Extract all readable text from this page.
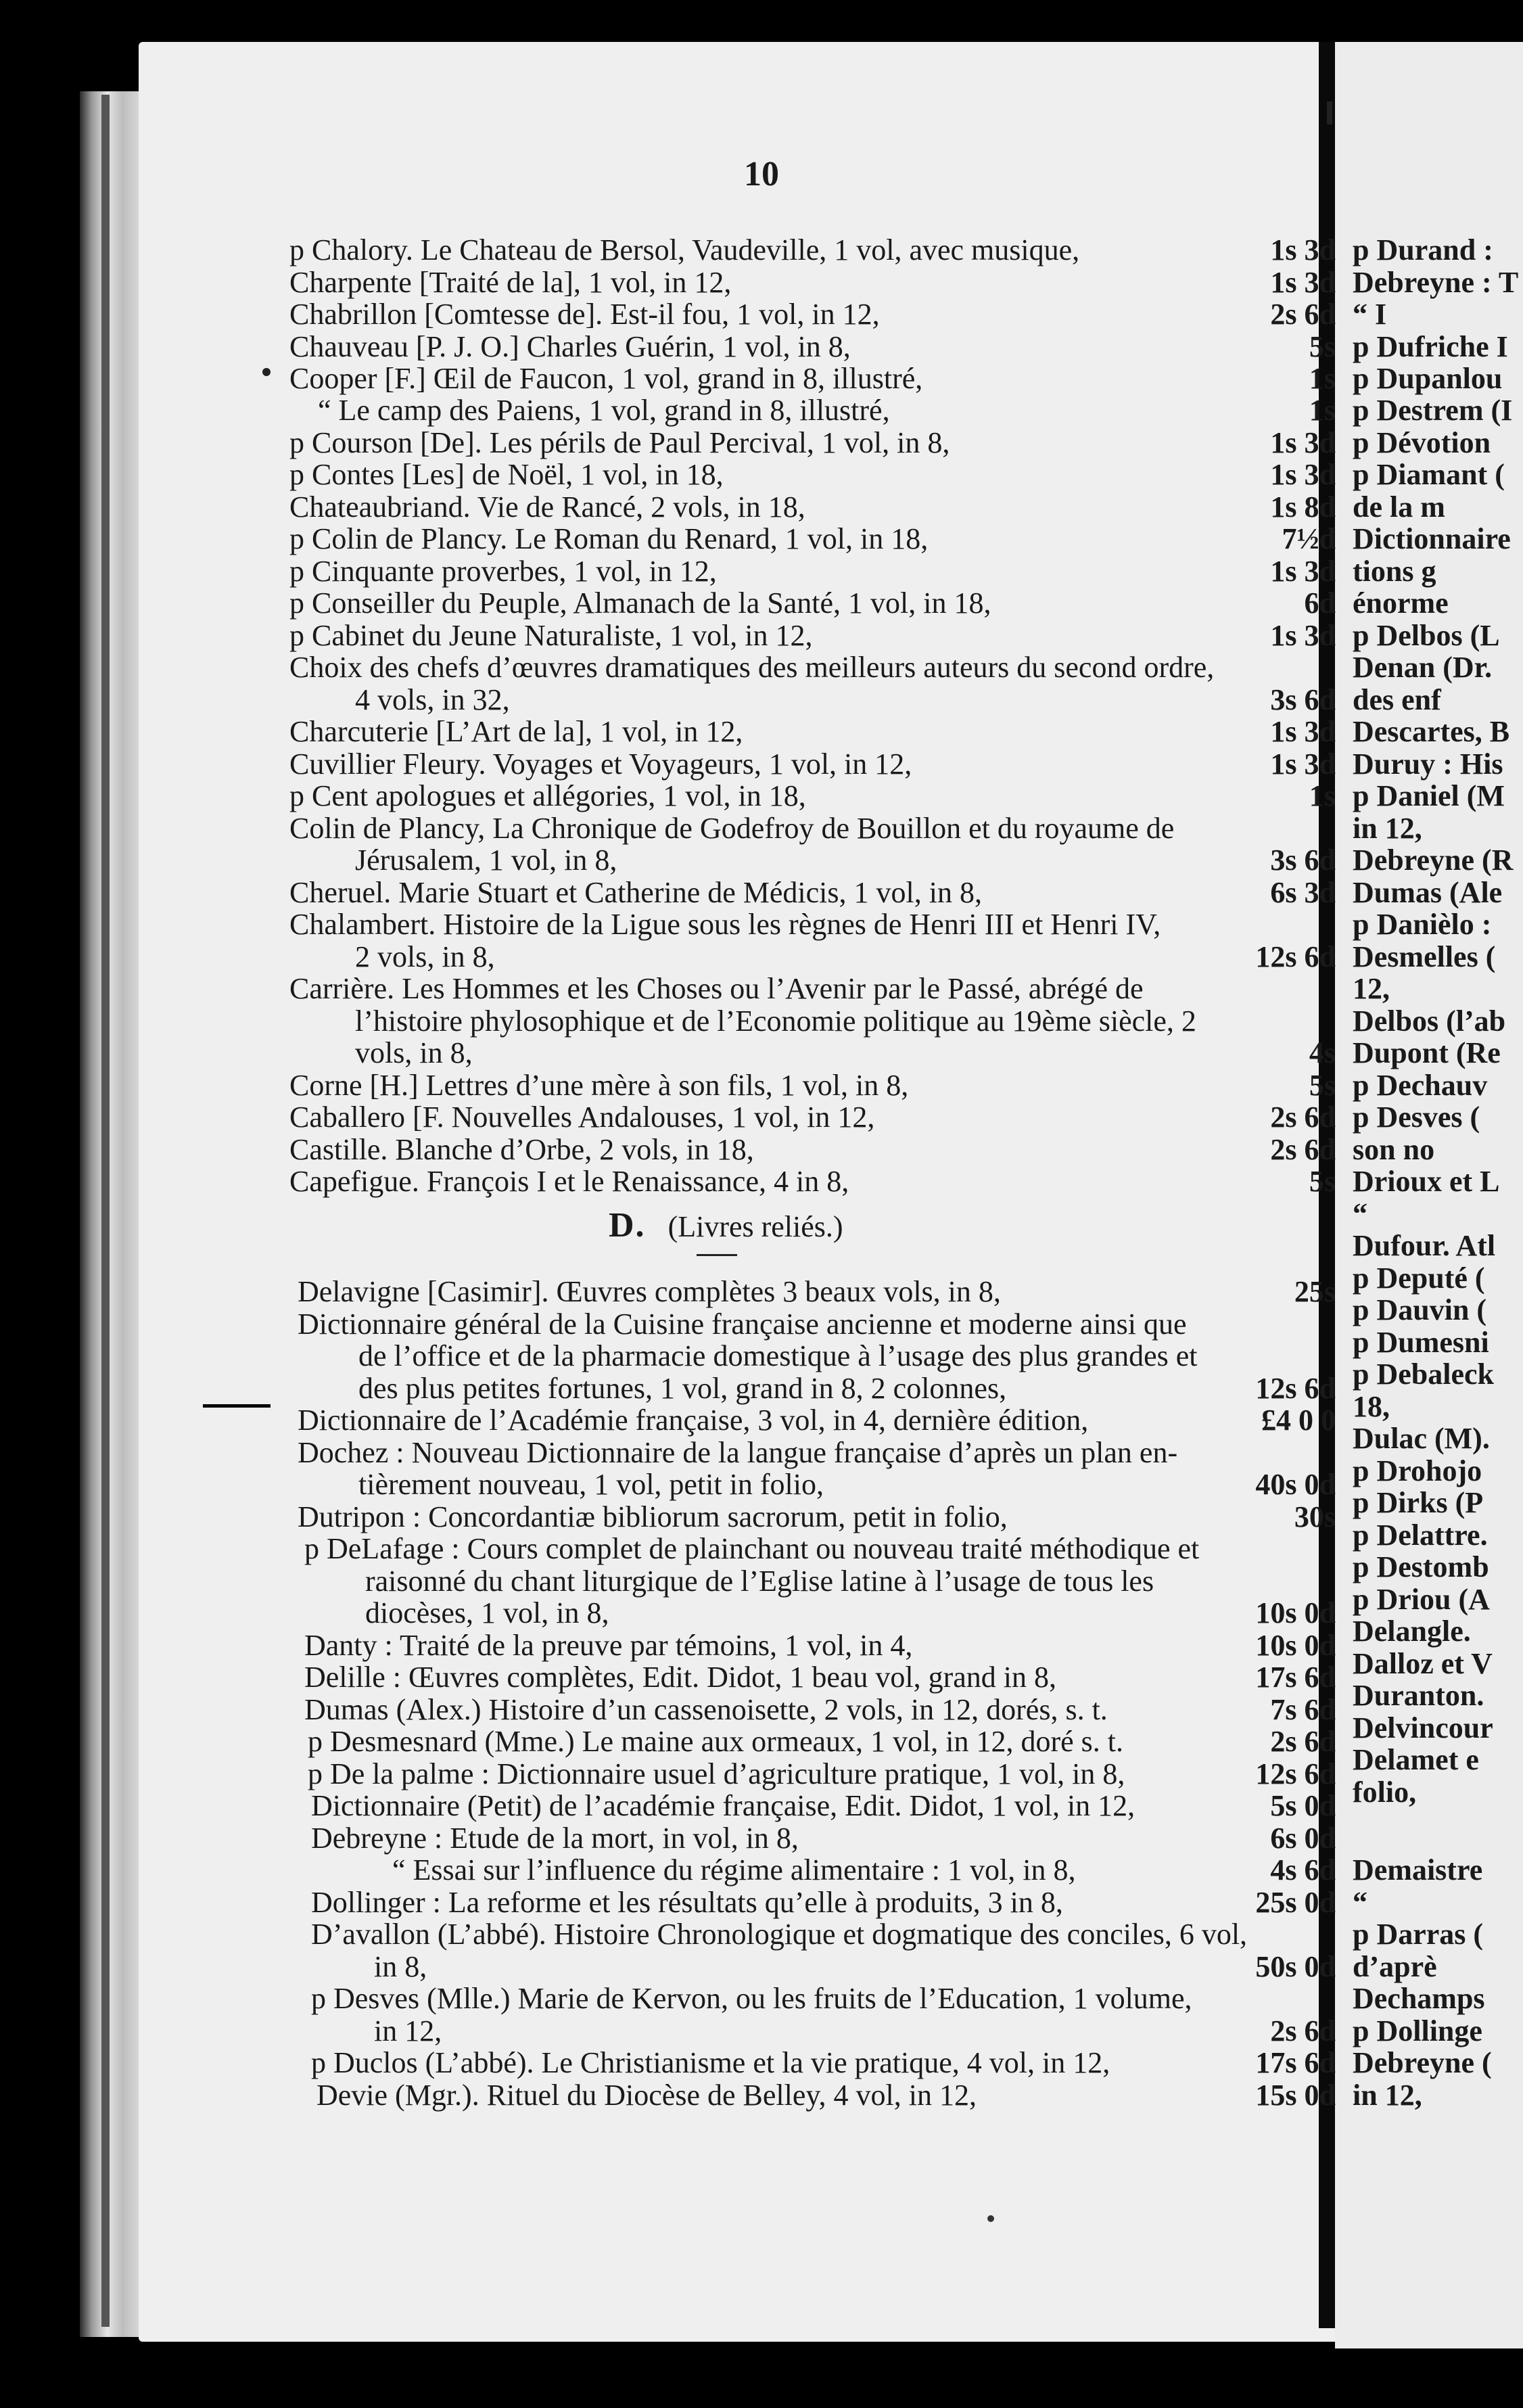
10
D. (Livres reliés.)
p Chalory. Le Chateau de Bersol, Vaudeville, 1 vol, avec musique,	1s 3d
Charpente [Traité de la], 1 vol, in 12,	1s 3d
Chabrillon [Comtesse de]. Est-il fou, 1 vol, in 12,	2s 6d
Chauveau [P. J. O.] Charles Guérin, 1 vol, in 8,	5s
Cooper [F.] Œil de Faucon, 1 vol, grand in 8, illustré,	1s
“ Le camp des Paiens, 1 vol, grand in 8, illustré,	1s
p Courson [De]. Les périls de Paul Percival, 1 vol, in 8,	1s 3d
p Contes [Les] de Noël, 1 vol, in 18,	1s 3d
Chateaubriand. Vie de Rancé, 2 vols, in 18,	1s 8d
p Colin de Plancy. Le Roman du Renard, 1 vol, in 18,	7½d
p Cinquante proverbes, 1 vol, in 12,	1s 3d
p Conseiller du Peuple, Almanach de la Santé, 1 vol, in 18,	6d
p Cabinet du Jeune Naturaliste, 1 vol, in 12,	1s 3d
Choix des chefs d’œuvres dramatiques des meilleurs auteurs du second ordre,
4 vols, in 32,	3s 6d
Charcuterie [L’Art de la], 1 vol, in 12,	1s 3d
Cuvillier Fleury. Voyages et Voyageurs, 1 vol, in 12,	1s 3d
p Cent apologues et allégories, 1 vol, in 18,	1s
Colin de Plancy, La Chronique de Godefroy de Bouillon et du royaume de
Jérusalem, 1 vol, in 8,	3s 6d
Cheruel. Marie Stuart et Catherine de Médicis, 1 vol, in 8,	6s 3d
Chalambert. Histoire de la Ligue sous les règnes de Henri III et Henri IV,
2 vols, in 8,	12s 6d
Carrière. Les Hommes et les Choses ou l’Avenir par le Passé, abrégé de
l’histoire phylosophique et de l’Economie politique au 19ème siècle, 2
vols, in 8,	4s
Corne [H.] Lettres d’une mère à son fils, 1 vol, in 8,	5s
Caballero [F. Nouvelles Andalouses, 1 vol, in 12,	2s 6d
Castille. Blanche d’Orbe, 2 vols, in 18,	2s 6d
Capefigue. François I et le Renaissance, 4 in 8,	5s
Delavigne [Casimir]. Œuvres complètes 3 beaux vols, in 8,	25s
Dictionnaire général de la Cuisine française ancienne et moderne ainsi que
de l’office et de la pharmacie domestique à l’usage des plus grandes et
des plus petites fortunes, 1 vol, grand in 8, 2 colonnes,	12s 6d
Dictionnaire de l’Académie française, 3 vol, in 4, dernière édition,	£4 0 0
Dochez : Nouveau Dictionnaire de la langue française d’après un plan en-
tièrement nouveau, 1 vol, petit in folio,	40s 0d
Dutripon : Concordantiæ bibliorum sacrorum, petit in folio,	30s
p DeLafage : Cours complet de plainchant ou nouveau traité méthodique et
raisonné du chant liturgique de l’Eglise latine à l’usage de tous les
diocèses, 1 vol, in 8,	10s 0d
Danty : Traité de la preuve par témoins, 1 vol, in 4,	10s 0d
Delille : Œuvres complètes, Edit. Didot, 1 beau vol, grand in 8,	17s 6d
Dumas (Alex.) Histoire d’un cassenoisette, 2 vols, in 12, dorés, s. t.	7s 6d
p Desmesnard (Mme.) Le maine aux ormeaux, 1 vol, in 12, doré s. t.	2s 6d
p De la palme : Dictionnaire usuel d’agriculture pratique, 1 vol, in 8,	12s 6d
Dictionnaire (Petit) de l’académie française, Edit. Didot, 1 vol, in 12,	5s 0d
Debreyne : Etude de la mort, in vol, in 8,	6s 0d
“ Essai sur l’influence du régime alimentaire : 1 vol, in 8,	4s 6d
Dollinger : La reforme et les résultats qu’elle à produits, 3 in 8,	25s 0d
D’avallon (L’abbé). Histoire Chronologique et dogmatique des conciles, 6 vol,
in 8,	50s 0d
p Desves (Mlle.) Marie de Kervon, ou les fruits de l’Education, 1 volume,
in 12,	2s 6d
p Duclos (L’abbé). Le Christianisme et la vie pratique, 4 vol, in 12,	17s 6d
Devie (Mgr.). Rituel du Diocèse de Belley, 4 vol, in 12,	15s 0d
p Durand :
Debreyne : T
“ I
p Dufriche I
p Dupanlou
p Destrem (I
p Dévotion
p Diamant (
de la m
Dictionnaire
tions g
énorme
p Delbos (L
Denan (Dr.
des enf
Descartes, B
Duruy : His
p Daniel (M
in 12,
Debreyne (R
Dumas (Ale
p Danièlo :
Desmelles (
12,
Delbos (l’ab
Dupont (Re
p Dechauv
p Desves (
son no
Drioux et L
“
Dufour. Atl
p Deputé (
p Dauvin (
p Dumesni
p Debaleck
18,
Dulac (M).
p Drohojo
p Dirks (P
p Delattre.
p Destomb
p Driou (A
Delangle.
Dalloz et V
Duranton.
Delvincour
Delamet e
folio,
Demaistre
“
p Darras (
d’aprè
Dechamps
p Dollinge
Debreyne (
in 12,
